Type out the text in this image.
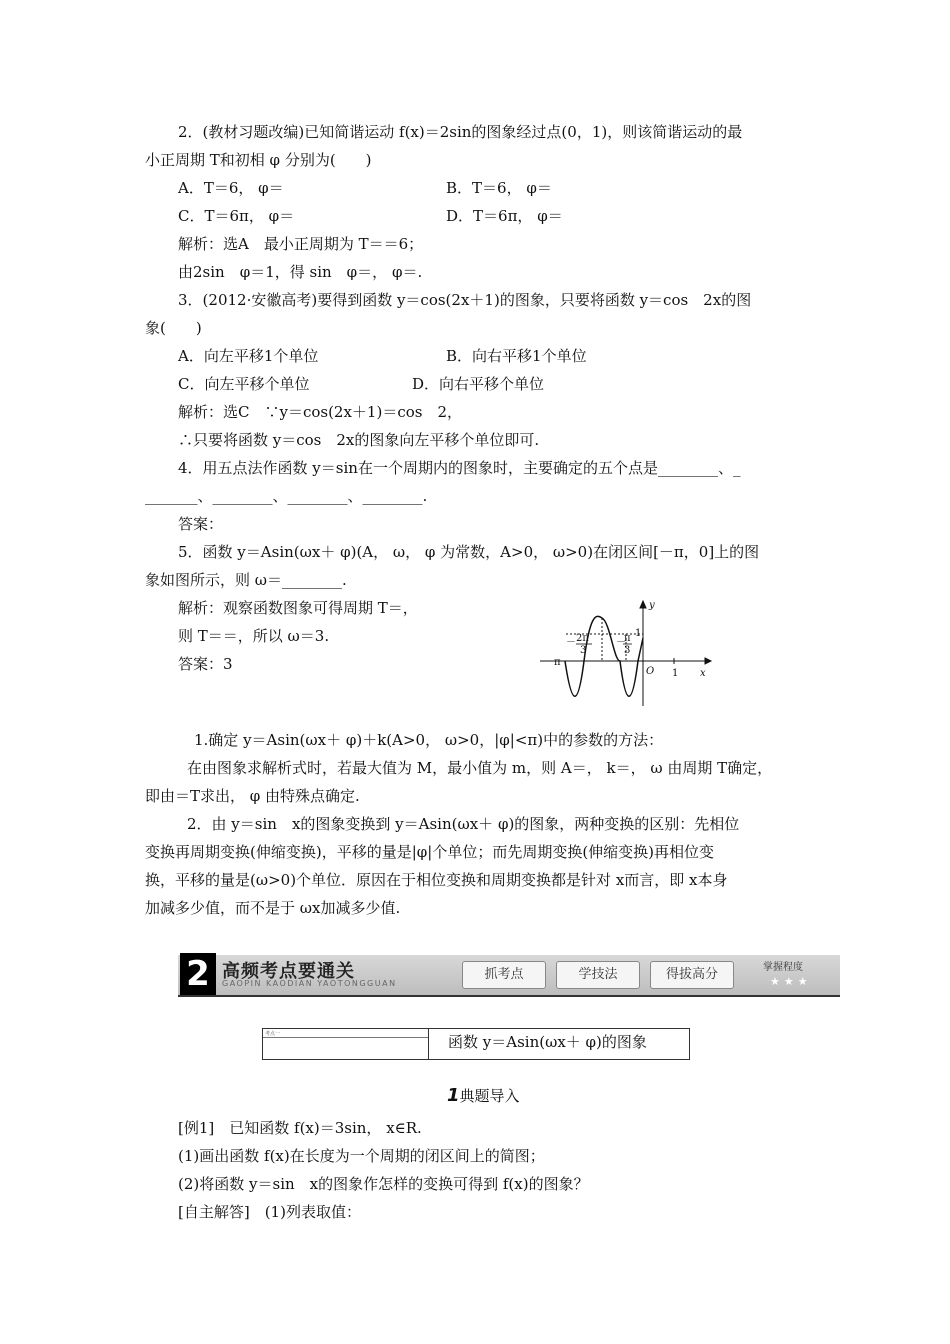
2．(教材习题改编)已知简谐运动 f(x)＝2sin的图象经过点(0，1)，则该简谐运动的最
小正周期 T和初相 φ 分别为(　　)
A．T＝6， φ＝	B．T＝6， φ＝
C．T＝6π， φ＝	D．T＝6π， φ＝
解析：选A　最小正周期为 T＝＝6；
由2sin　φ＝1，得 sin　φ＝， φ＝.
3．(2012·安徽高考)要得到函数 y＝cos(2x＋1)的图象，只要将函数 y＝cos　2x的图
象(　　)
A．向左平移1个单位	B．向右平移1个单位
C．向左平移个单位	D．向右平移个单位
解析：选C　∵y＝cos(2x＋1)＝cos　2，
∴只要将函数 y＝cos　2x的图象向左平移个单位即可.
4．用五点法作函数 y＝sin在一个周期内的图象时，主要确定的五个点是________、_
_______、________、________、________.
答案：
5．函数 y＝Asin(ωx＋ φ)(A， ω， φ 为常数，A>0， ω>0)在闭区间[－π，0]上的图
象如图所示，则 ω＝________.
解析：观察函数图象可得周期 T＝，
则 T＝＝，所以 ω＝3.
答案：3
y
x
O
1
1
－π
－ 2π
3
－
π
3
1.确定 y＝Asin(ωx＋ φ)＋k(A>0， ω>0，|φ|<π)中的参数的方法：
在由图象求解析式时，若最大值为 M，最小值为 m，则 A＝， k＝， ω 由周期 T确定，
即由＝T求出， φ 由特殊点确定.
2．由 y＝sin　x的图象变换到 y＝Asin(ωx＋ φ)的图象，两种变换的区别：先相位
变换再周期变换(伸缩变换)，平移的量是|φ|个单位；而先周期变换(伸缩变换)再相位变
换，平移的量是(ω>0)个单位．原因在于相位变换和周期变换都是针对 x而言，即 x本身
加减多少值，而不是于 ωx加减多少值.
2 高频考点要通关
GAOPIN KAODIAN YAOTONGGUAN
抓考点	学技法	得拔高分	掌握程度
★★★
考点一	函数 y＝Asin(ωx＋ φ)的图象
1典题导入
[例1]　已知函数 f(x)＝3sin， x∈R.
(1)画出函数 f(x)在长度为一个周期的闭区间上的简图；
(2)将函数 y＝sin　x的图象作怎样的变换可得到 f(x)的图象？
[自主解答]　(1)列表取值：
